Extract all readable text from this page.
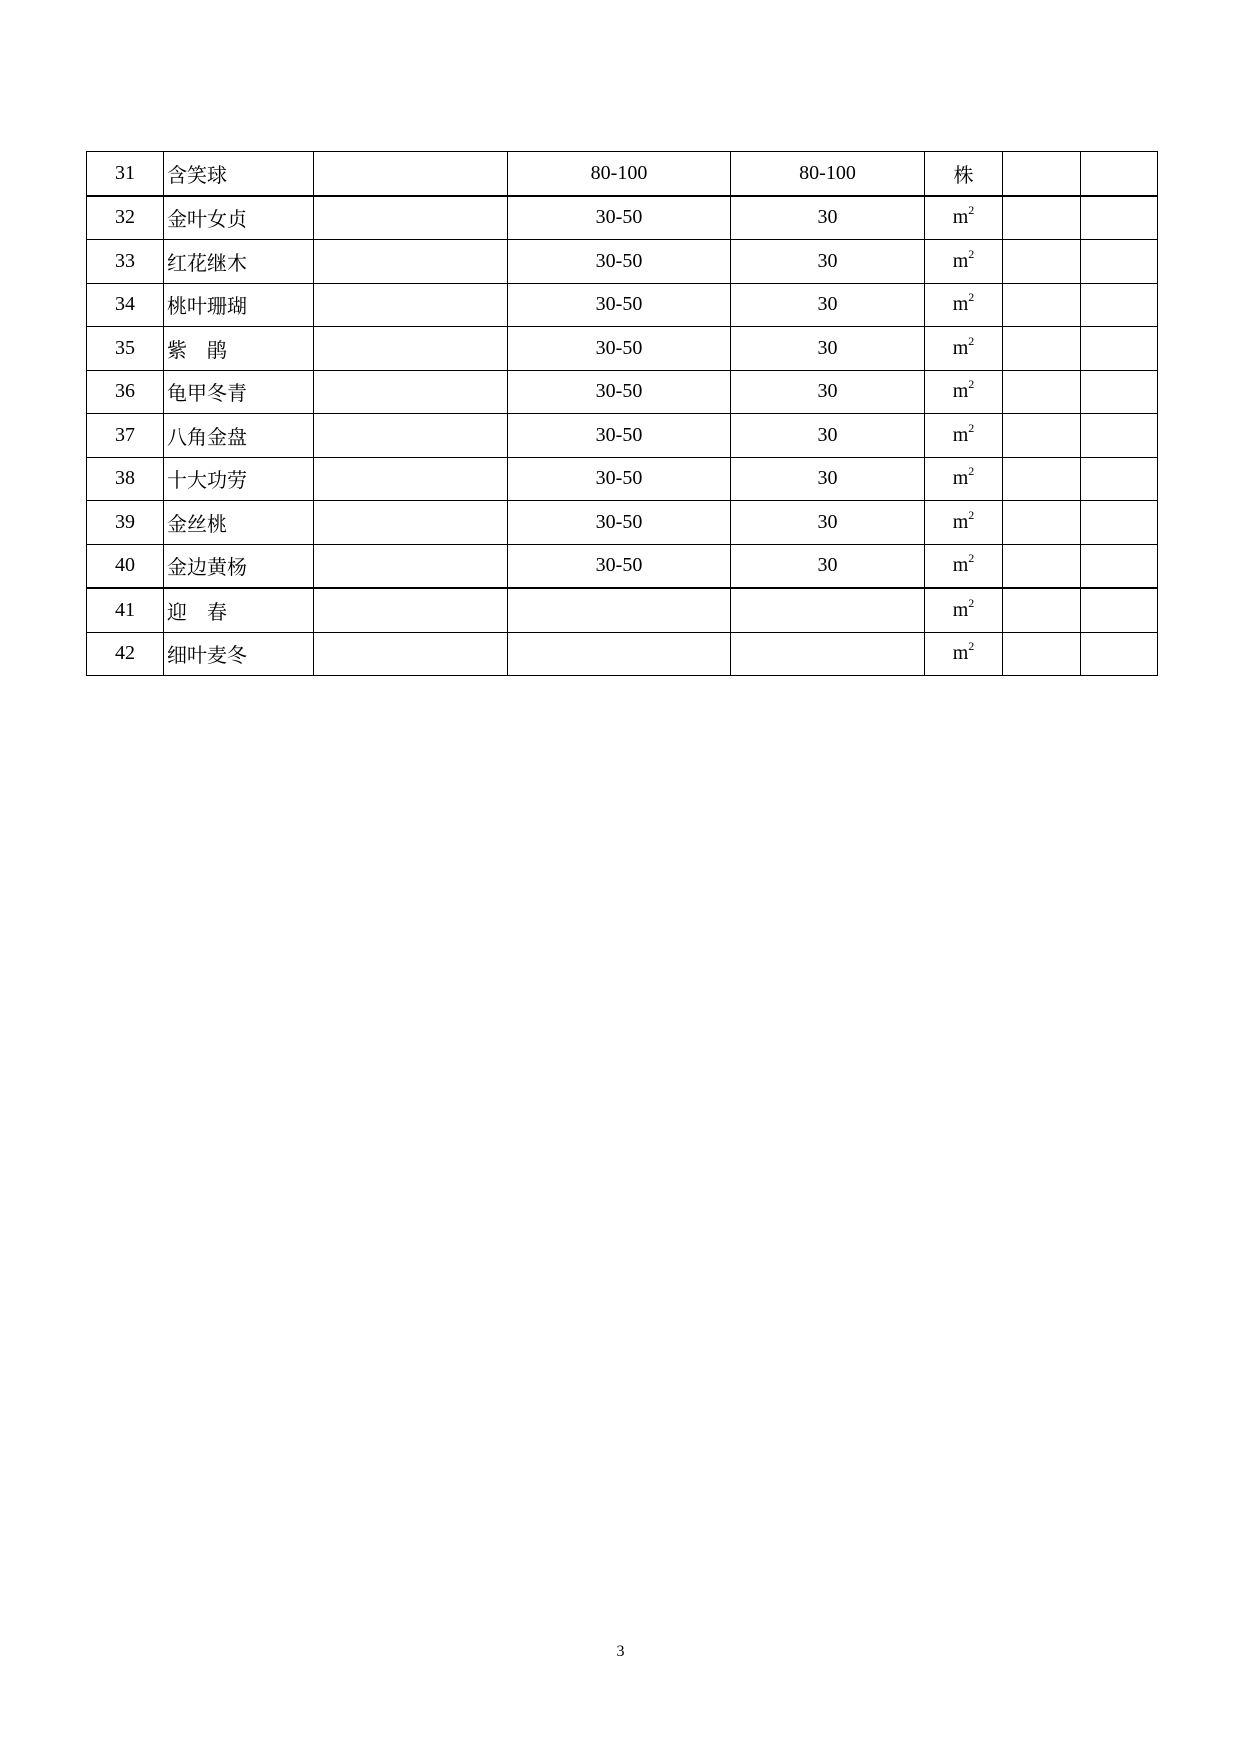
31	含笑球		80-100	80-100	株		
32	金叶女贞		30-50	30	$m^2$		
33	红花继木		30-50	30	$m^2$		
34	桃叶珊瑚		30-50	30	$m^2$		
35	紫　鹃		30-50	30	$m^2$		
36	龟甲冬青		30-50	30	$m^2$		
37	八角金盘		30-50	30	$m^2$		
38	十大功劳		30-50	30	$m^2$		
39	金丝桃		30-50	30	$m^2$		
40	金边黄杨		30-50	30	$m^2$		
41	迎　春				$m^2$		
42	细叶麦冬				$m^2$		
3
